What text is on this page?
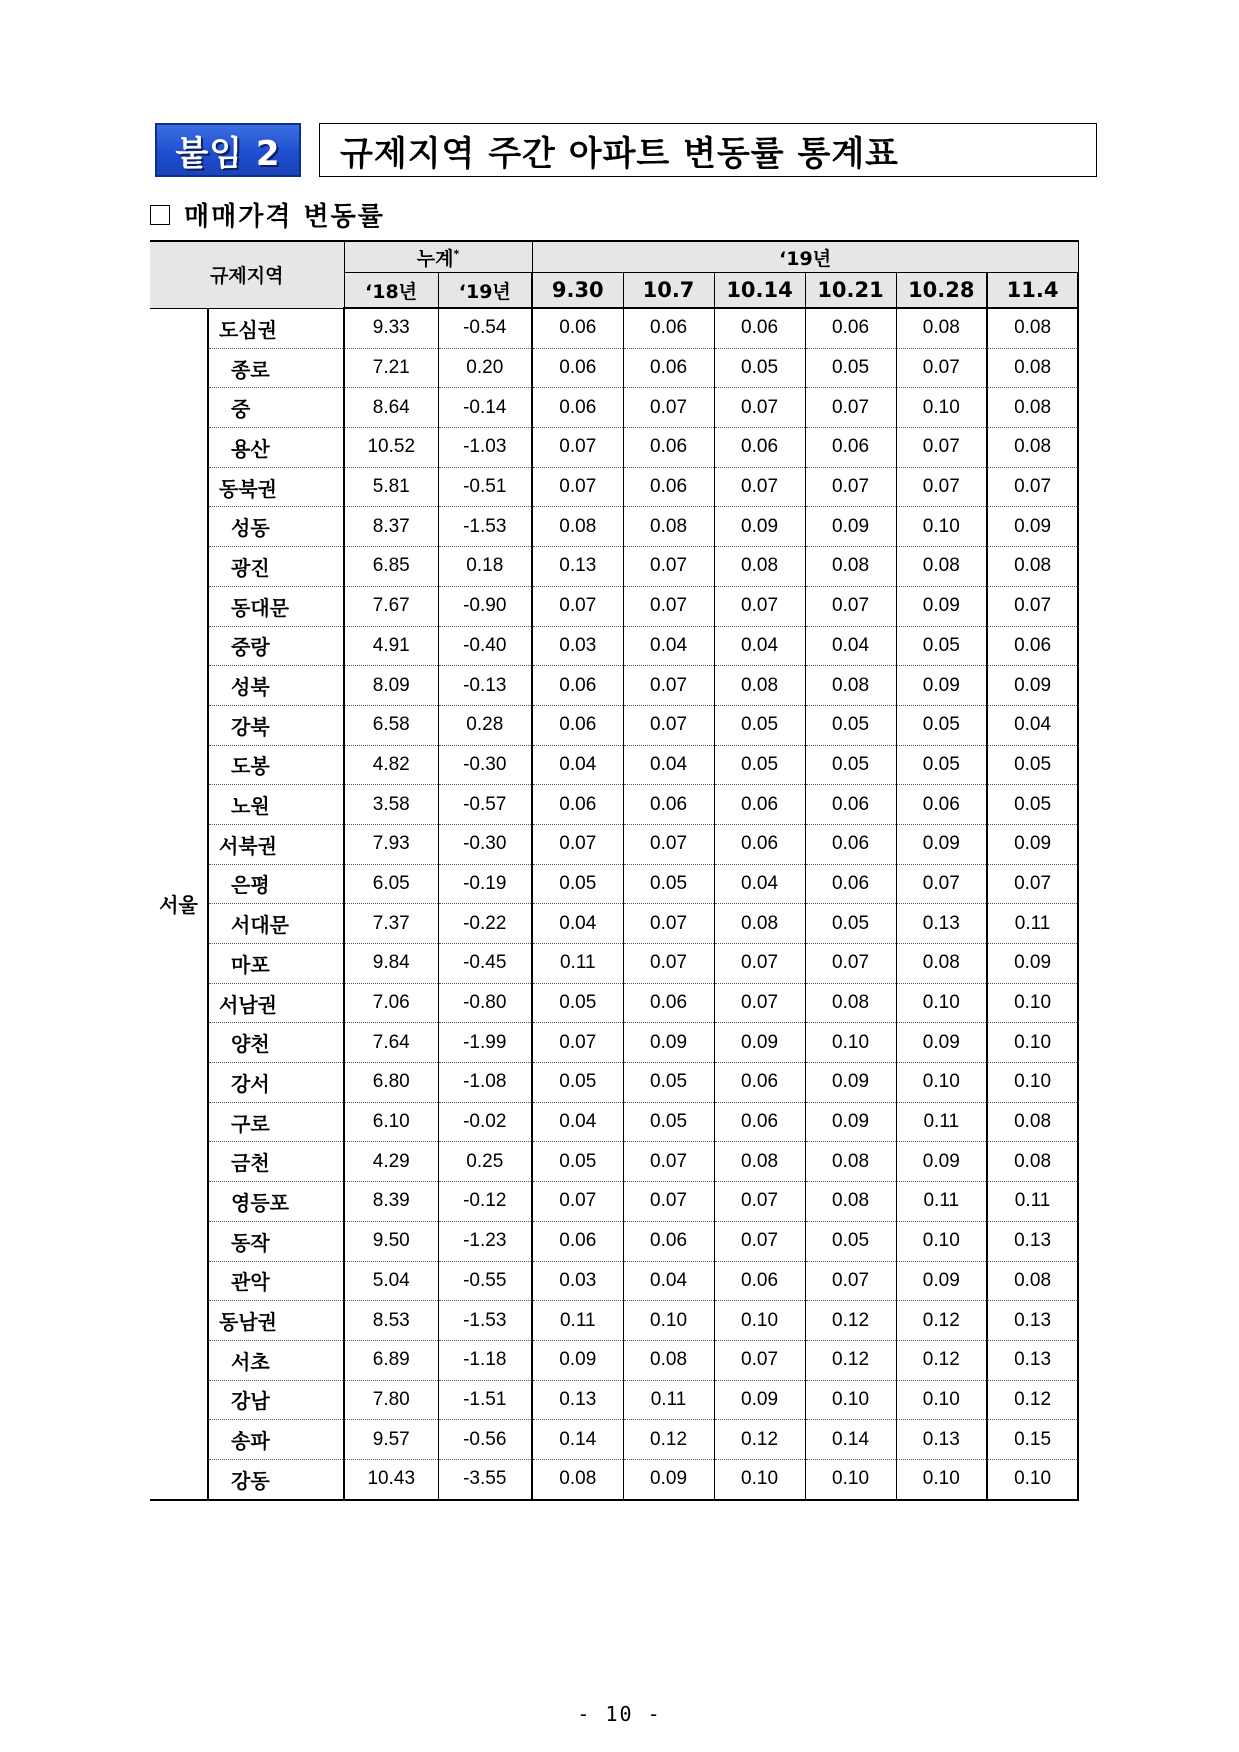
붙임 2	규제지역 주간 아파트 변동률 통계표
매매가격 변동률
규제지역		누계*		‘19년					
		‘18년	‘19년	9.30	10.7	10.14	10.21	10.28	11.4
서울	도심권	9.33	-0.54	0.06	0.06	0.06	0.06	0.08	0.08
	종로	7.21	0.20	0.06	0.06	0.05	0.05	0.07	0.08
	중	8.64	-0.14	0.06	0.07	0.07	0.07	0.10	0.08
	용산	10.52	-1.03	0.07	0.06	0.06	0.06	0.07	0.08
	동북권	5.81	-0.51	0.07	0.06	0.07	0.07	0.07	0.07
	성동	8.37	-1.53	0.08	0.08	0.09	0.09	0.10	0.09
	광진	6.85	0.18	0.13	0.07	0.08	0.08	0.08	0.08
	동대문	7.67	-0.90	0.07	0.07	0.07	0.07	0.09	0.07
	중랑	4.91	-0.40	0.03	0.04	0.04	0.04	0.05	0.06
	성북	8.09	-0.13	0.06	0.07	0.08	0.08	0.09	0.09
	강북	6.58	0.28	0.06	0.07	0.05	0.05	0.05	0.04
	도봉	4.82	-0.30	0.04	0.04	0.05	0.05	0.05	0.05
	노원	3.58	-0.57	0.06	0.06	0.06	0.06	0.06	0.05
	서북권	7.93	-0.30	0.07	0.07	0.06	0.06	0.09	0.09
	은평	6.05	-0.19	0.05	0.05	0.04	0.06	0.07	0.07
	서대문	7.37	-0.22	0.04	0.07	0.08	0.05	0.13	0.11
	마포	9.84	-0.45	0.11	0.07	0.07	0.07	0.08	0.09
	서남권	7.06	-0.80	0.05	0.06	0.07	0.08	0.10	0.10
	양천	7.64	-1.99	0.07	0.09	0.09	0.10	0.09	0.10
	강서	6.80	-1.08	0.05	0.05	0.06	0.09	0.10	0.10
	구로	6.10	-0.02	0.04	0.05	0.06	0.09	0.11	0.08
	금천	4.29	0.25	0.05	0.07	0.08	0.08	0.09	0.08
	영등포	8.39	-0.12	0.07	0.07	0.07	0.08	0.11	0.11
	동작	9.50	-1.23	0.06	0.06	0.07	0.05	0.10	0.13
	관악	5.04	-0.55	0.03	0.04	0.06	0.07	0.09	0.08
	동남권	8.53	-1.53	0.11	0.10	0.10	0.12	0.12	0.13
	서초	6.89	-1.18	0.09	0.08	0.07	0.12	0.12	0.13
	강남	7.80	-1.51	0.13	0.11	0.09	0.10	0.10	0.12
	송파	9.57	-0.56	0.14	0.12	0.12	0.14	0.13	0.15
	강동	10.43	-3.55	0.08	0.09	0.10	0.10	0.10	0.10
- 10 -
